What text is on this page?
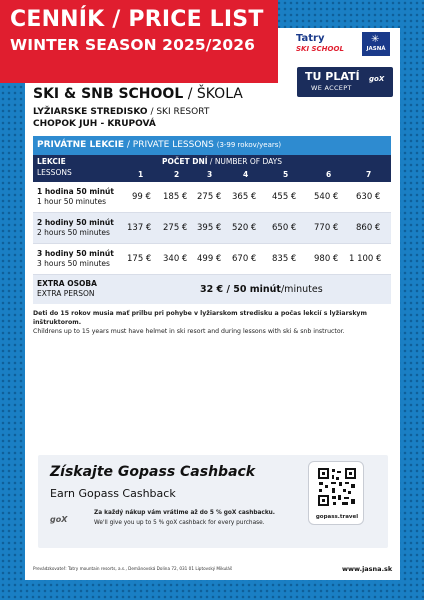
CENNÍK / PRICE LIST
WINTER SEASON 2025/2026	Tatry
SKI SCHOOL
✳
JASNÁ
TU PLATÍ
WE ACCEPT
goX
SKI & SNB SCHOOL / ŠKOLA
LYŽIARSKE STREDISKO / SKI RESORT
CHOPOK JUH - KRUPOVÁ
PRIVÁTNE LEKCIE / PRIVATE LESSONS (3-99 rokov/years)
LEKCIE
LESSONS
POČET DNÍ / NUMBER OF DAYS
1	2	3	4	5	6	7
1 hodina 50 minút
1 hour 50 minutes	99 € 185 € 275 € 365 € 455 € 540 € 630 €
2 hodiny 50 minút
2 hours 50 minutes 137 € 275 € 395 € 520 € 650 € 770 € 860 €
3 hodiny 50 minút
3 hours 50 minutes 175 € 340 € 499 € 670 € 835 € 980 € 1 100 €
EXTRA OSOBA
EXTRA PERSON	32 € / 50 minút/minutes
Deti do 15 rokov musia mať prilbu pri pohybe v lyžiarskom stredisku a počas lekcií s lyžiarskym inštruktorom.
Childrens up to 15 years must have helmet in ski resort and during lessons with ski & snb instructor.
Získajte Gopass Cashback
Earn Gopass Cashback
goX
Za každý nákup vám vrátime až do 5 % goX cashbacku.
We'll give you up to 5 % goX cashback for every purchase.
gopass.travel
Prevádzkovateľ: Tatry mountain resorts, a.s., Demänovská Dolina 72, 031 01 Liptovský Mikuláš	www.jasna.sk
